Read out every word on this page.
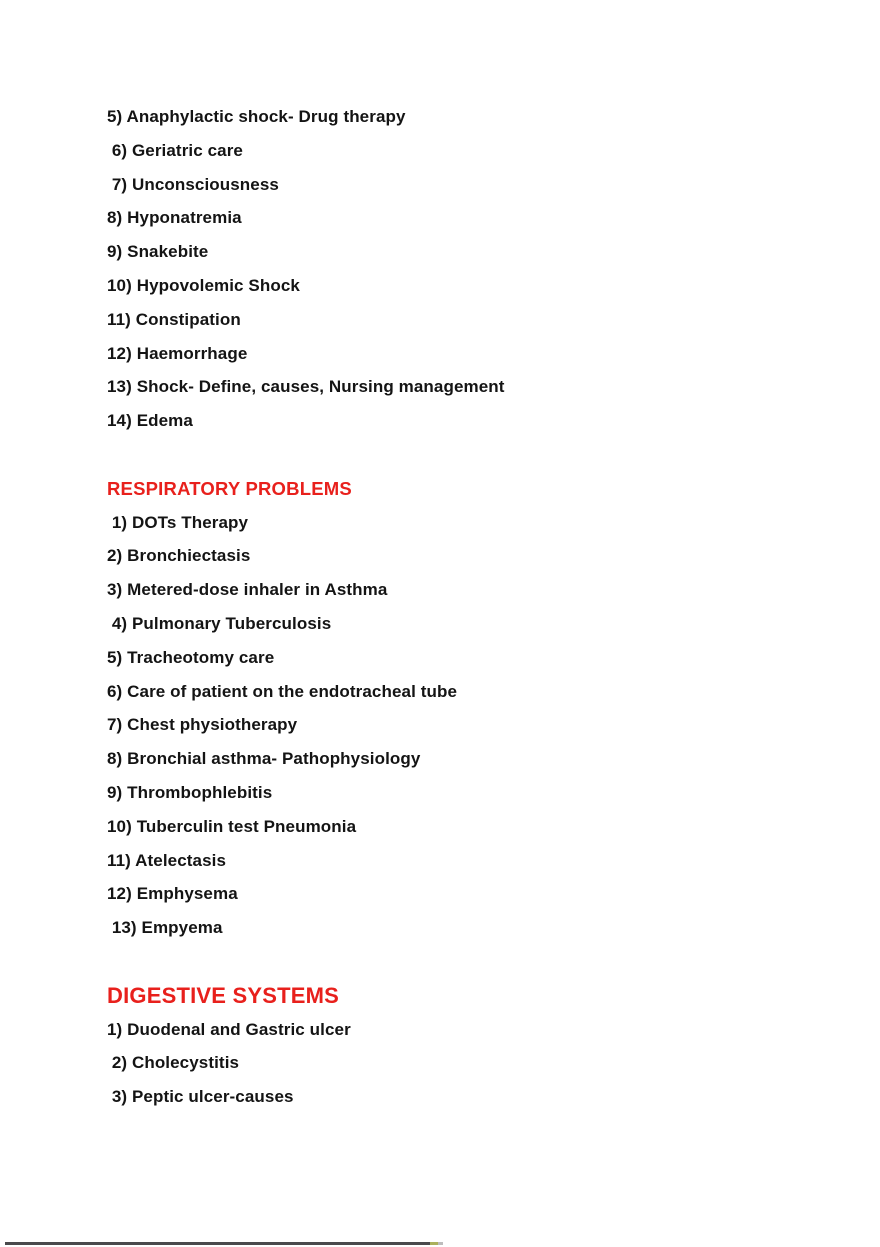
5) Anaphylactic shock- Drug therapy
6) Geriatric care
7) Unconsciousness
8) Hyponatremia
9) Snakebite
10) Hypovolemic Shock
11) Constipation
12) Haemorrhage
13) Shock- Define, causes, Nursing management
14) Edema
RESPIRATORY PROBLEMS
1) DOTs Therapy
2) Bronchiectasis
3) Metered-dose inhaler in Asthma
4) Pulmonary Tuberculosis
5) Tracheotomy care
6) Care of patient on the endotracheal tube
7) Chest physiotherapy
8) Bronchial asthma- Pathophysiology
9) Thrombophlebitis
10) Tuberculin test Pneumonia
11) Atelectasis
12) Emphysema
13) Empyema
DIGESTIVE SYSTEMS
1) Duodenal and Gastric ulcer
2) Cholecystitis
3) Peptic ulcer-causes
